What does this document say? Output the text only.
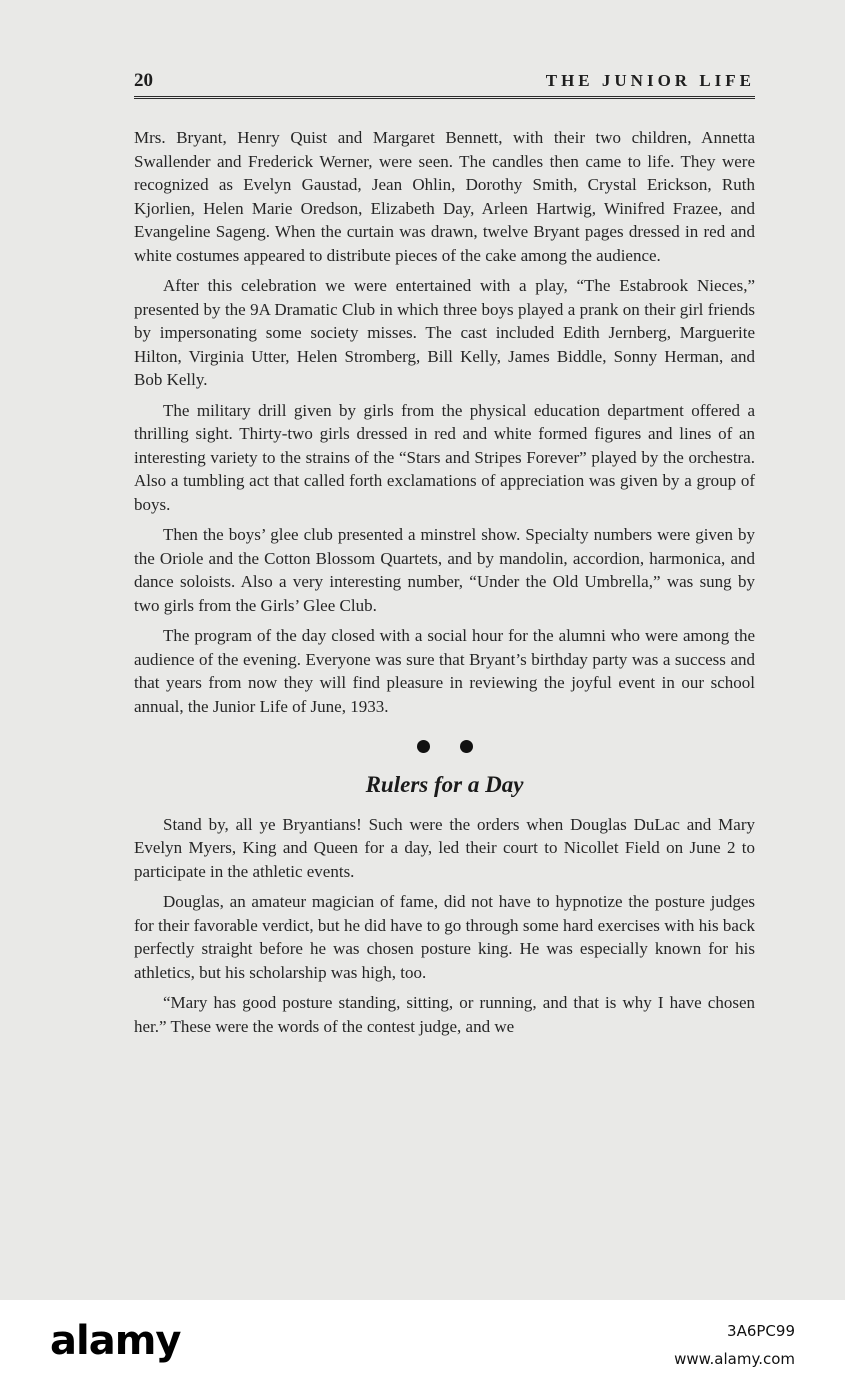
20	THE JUNIOR LIFE

Mrs. Bryant, Henry Quist and Margaret Bennett, with their two children, Annetta Swallender and Frederick Werner, were seen. The candles then came to life. They were recognized as Evelyn Gaustad, Jean Ohlin, Dorothy Smith, Crystal Erickson, Ruth Kjorlien, Helen Marie Oredson, Elizabeth Day, Arleen Hartwig, Winifred Frazee, and Evangeline Sageng. When the curtain was drawn, twelve Bryant pages dressed in red and white costumes appeared to distribute pieces of the cake among the audience.

After this celebration we were entertained with a play, “The Estabrook Nieces,” presented by the 9A Dramatic Club in which three boys played a prank on their girl friends by impersonating some society misses. The cast included Edith Jernberg, Marguerite Hilton, Virginia Utter, Helen Stromberg, Bill Kelly, James Biddle, Sonny Herman, and Bob Kelly.

The military drill given by girls from the physical education department offered a thrilling sight. Thirty-two girls dressed in red and white formed figures and lines of an interesting variety to the strains of the “Stars and Stripes Forever” played by the orchestra. Also a tumbling act that called forth exclamations of appreciation was given by a group of boys.

Then the boys’ glee club presented a minstrel show. Specialty numbers were given by the Oriole and the Cotton Blossom Quartets, and by mandolin, accordion, harmonica, and dance soloists. Also a very interesting number, “Under the Old Umbrella,” was sung by two girls from the Girls’ Glee Club.

The program of the day closed with a social hour for the alumni who were among the audience of the evening. Everyone was sure that Bryant’s birthday party was a success and that years from now they will find pleasure in reviewing the joyful event in our school annual, the Junior Life of June, 1933.

Rulers for a Day

Stand by, all ye Bryantians! Such were the orders when Douglas DuLac and Mary Evelyn Myers, King and Queen for a day, led their court to Nicollet Field on June 2 to participate in the athletic events.

Douglas, an amateur magician of fame, did not have to hypnotize the posture judges for their favorable verdict, but he did have to go through some hard exercises with his back perfectly straight before he was chosen posture king. He was especially known for his athletics, but his scholarship was high, too.

“Mary has good posture standing, sitting, or running, and that is why I have chosen her.” These were the words of the contest judge, and we

alamy	3A6PC99
www.alamy.com
